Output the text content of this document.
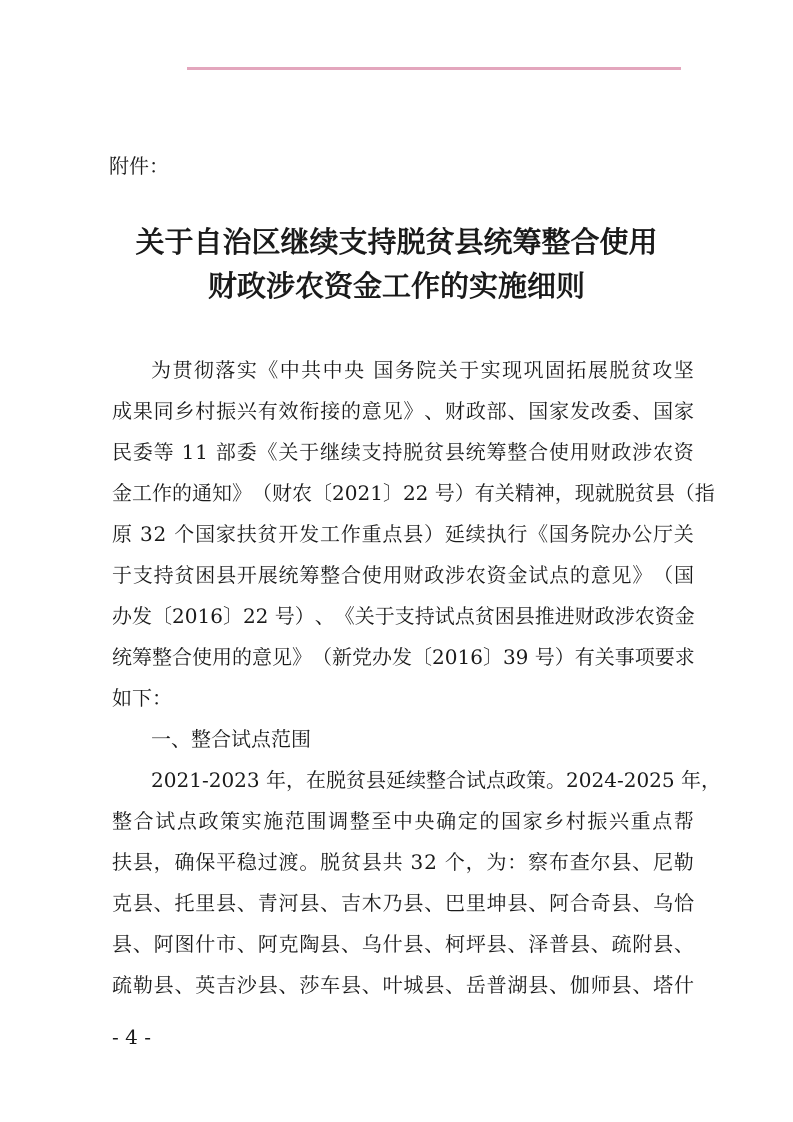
附件：
关于自治区继续支持脱贫县统筹整合使用
财政涉农资金工作的实施细则
为 贯 彻 落 实 《 中 共 中 央
国 务 院 关 于 实 现 巩 固 拓 展 脱 贫 攻 坚
成 果 同 乡 村 振 兴 有 效 衔 接 的 意 见 》 、 财 政 部 、 国 家 发 改 委 、 国 家
民 委 等
1 1
部 委 《 关 于 继 续 支 持 脱 贫 县 统 筹 整 合 使 用 财 政 涉 农 资
金 工 作 的 通 知 》 （ 财 农 〔 2 0 2 1 〕 2 2
号 ） 有 关 精 神 ， 现 就 脱 贫 县 （ 指
原
3 2
个 国 家 扶 贫 开 发 工 作 重 点 县 ） 延 续 执 行 《 国 务 院 办 公 厅 关
于 支 持 贫 困 县 开 展 统 筹 整 合 使 用 财 政 涉 农 资 金 试 点 的 意 见 》 （ 国
办 发 〔 2 0 1 6 〕 2 2
号 ） 、 《 关 于 支 持 试 点 贫 困 县 推 进 财 政 涉 农 资 金
统 筹 整 合 使 用 的 意 见 》 （ 新 党 办 发 〔 2 0 1 6 〕 3 9
号 ） 有 关 事 项 要 求
如下：
一、整合试点范围
2 0 2 1 - 2 0 2 3
年 ， 在 脱 贫 县 延 续 整 合 试 点 政 策 。 2 0 2 4 - 2 0 2 5
年 ，
整 合 试 点 政 策 实 施 范 围 调 整 至 中 央 确 定 的 国 家 乡 村 振 兴 重 点 帮
扶 县 ， 确 保 平 稳 过 渡 。 脱 贫 县 共
3 2
个 ， 为 ： 察 布 查 尔 县 、 尼 勒
克 县 、 托 里 县 、 青 河 县 、 吉 木 乃 县 、 巴 里 坤 县 、 阿 合 奇 县 、 乌 恰
县 、 阿 图 什 市 、 阿 克 陶 县 、 乌 什 县 、 柯 坪 县 、 泽 普 县 、 疏 附 县 、
疏 勒 县 、 英 吉 沙 县 、 莎 车 县 、 叶 城 县 、 岳 普 湖 县 、 伽 师 县 、 塔 什
- 4 -
